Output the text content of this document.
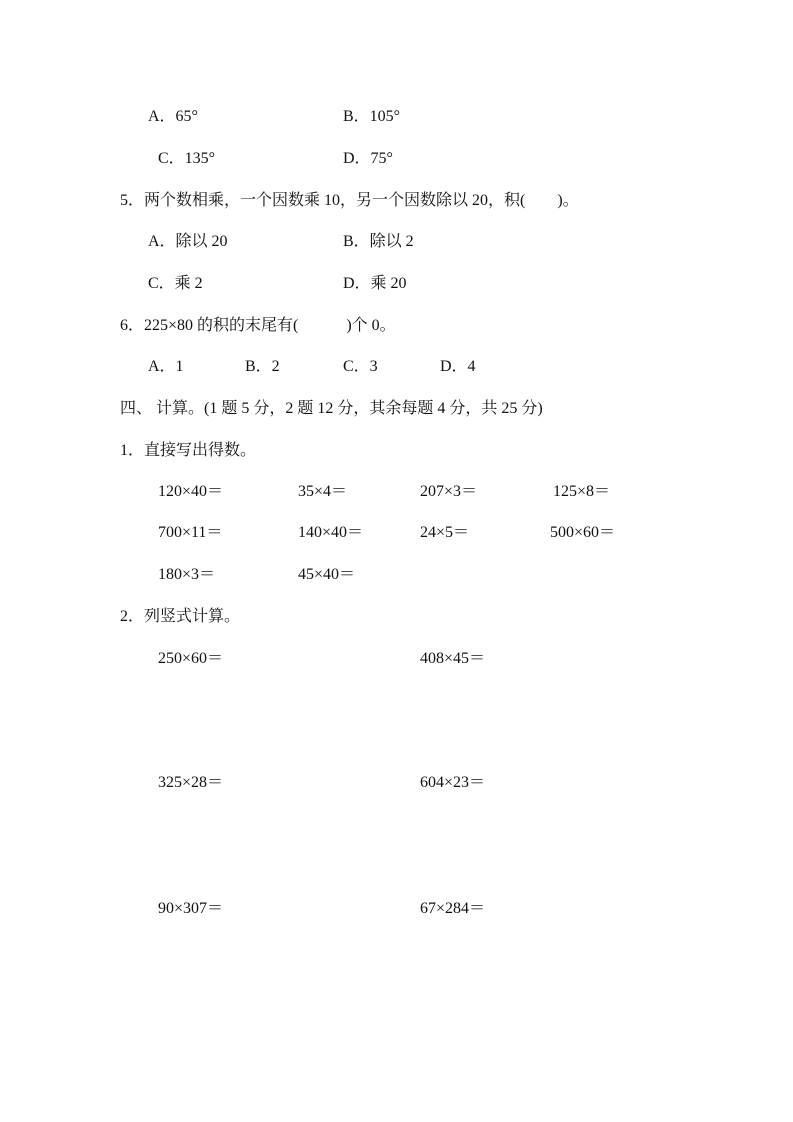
A．65°	B．105°
C．135°	D．75°
5．两个数相乘，一个因数乘 10，另一个因数除以 20，积(　　)。
A．除以 20	B．除以 2
C．乘 2	D．乘 20
6．225×80 的积的末尾有(　　　)个 0。
A．1	B．2	C．3	D．4
四、 计算。(1 题 5 分，2 题 12 分，其余每题 4 分，共 25 分)
1．直接写出得数。
120×40＝	35×4＝	207×3＝	125×8＝
700×11＝	140×40＝	24×5＝	500×60＝
180×3＝	45×40＝
2．列竖式计算。
250×60＝	408×45＝
325×28＝	604×23＝
90×307＝	67×284＝
